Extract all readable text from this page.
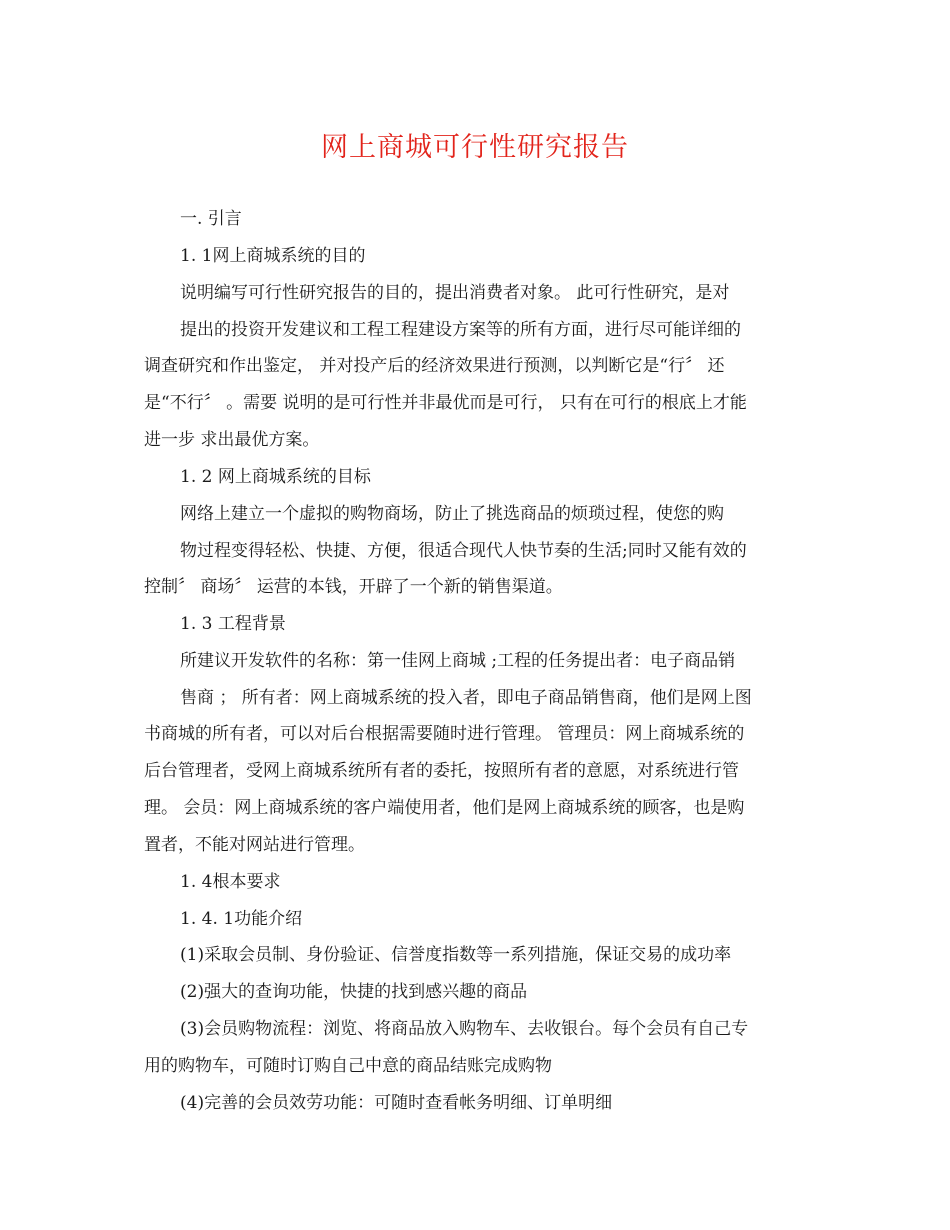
网上商城可行性研究报告
一. 引言
1. 1网上商城系统的目的
说明编写可行性研究报告的目的，提出消费者对象。 此可行性研究，是对
提出的投资开发建议和工程工程建设方案等的所有方面，进行尽可能详细的
调查研究和作出鉴定， 并对投产后的经济效果进行预测，以判断它是“行〞 还
是“不行〞 。需要 说明的是可行性并非最优而是可行， 只有在可行的根底上才能
进一步 求出最优方案。
1. 2 网上商城系统的目标
网络上建立一个虚拟的购物商场，防止了挑选商品的烦琐过程，使您的购
物过程变得轻松、快捷、方便，很适合现代人快节奏的生活;同时又能有效的
控制〞 商场〞 运营的本钱，开辟了一个新的销售渠道。
1. 3 工程背景
所建议开发软件的名称：第一佳网上商城 ;工程的任务提出者：电子商品销
售商 ； 所有者：网上商城系统的投入者，即电子商品销售商，他们是网上图
书商城的所有者，可以对后台根据需要随时进行管理。 管理员：网上商城系统的
后台管理者，受网上商城系统所有者的委托，按照所有者的意愿，对系统进行管
理。 会员：网上商城系统的客户端使用者，他们是网上商城系统的顾客，也是购
置者，不能对网站进行管理。
1. 4根本要求
1. 4. 1功能介绍
(1)采取会员制、身份验证、信誉度指数等一系列措施，保证交易的成功率
(2)强大的查询功能，快捷的找到感兴趣的商品
(3)会员购物流程：浏览、将商品放入购物车、去收银台。每个会员有自己专
用的购物车，可随时订购自己中意的商品结账完成购物
(4)完善的会员效劳功能：可随时查看帐务明细、订单明细
